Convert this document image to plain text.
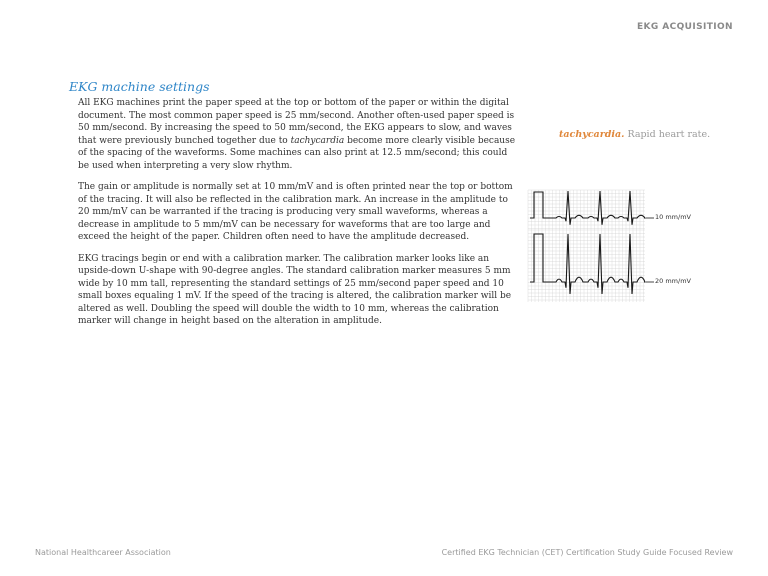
EKG ACQUISITION
EKG machine settings

All EKG machines print the paper speed at the top or bottom of the paper or within the digital document. The most common paper speed is 25 mm/second. Another often-used paper speed is 50 mm/second. By increasing the speed to 50 mm/second, the EKG appears to slow, and waves that were previously bunched together due to tachycardia become more clearly visible because of the spacing of the waveforms. Some machines can also print at 12.5 mm/second; this could be used when interpreting a very slow rhythm.

The gain or amplitude is normally set at 10 mm/mV and is often printed near the top or bottom of the tracing. It will also be reflected in the calibration mark. An increase in the amplitude to 20 mm/mV can be warranted if the tracing is producing very small waveforms, whereas a decrease in amplitude to 5 mm/mV can be necessary for waveforms that are too large and exceed the height of the paper. Children often need to have the amplitude decreased.

EKG tracings begin or end with a calibration marker. The calibration marker looks like an upside-down U-shape with 90-degree angles. The standard calibration marker measures 5 mm wide by 10 mm tall, representing the standard settings of 25 mm/second paper speed and 10 small boxes equaling 1 mV. If the speed of the tracing is altered, the calibration marker will be altered as well. Doubling the speed will double the width to 10 mm, whereas the calibration marker will change in height based on the alteration in amplitude.

tachycardia. Rapid heart rate.
10 mm/mV
20 mm/mV
National Healthcareer Association	Certified EKG Technician (CET) Certification Study Guide Focused Review
